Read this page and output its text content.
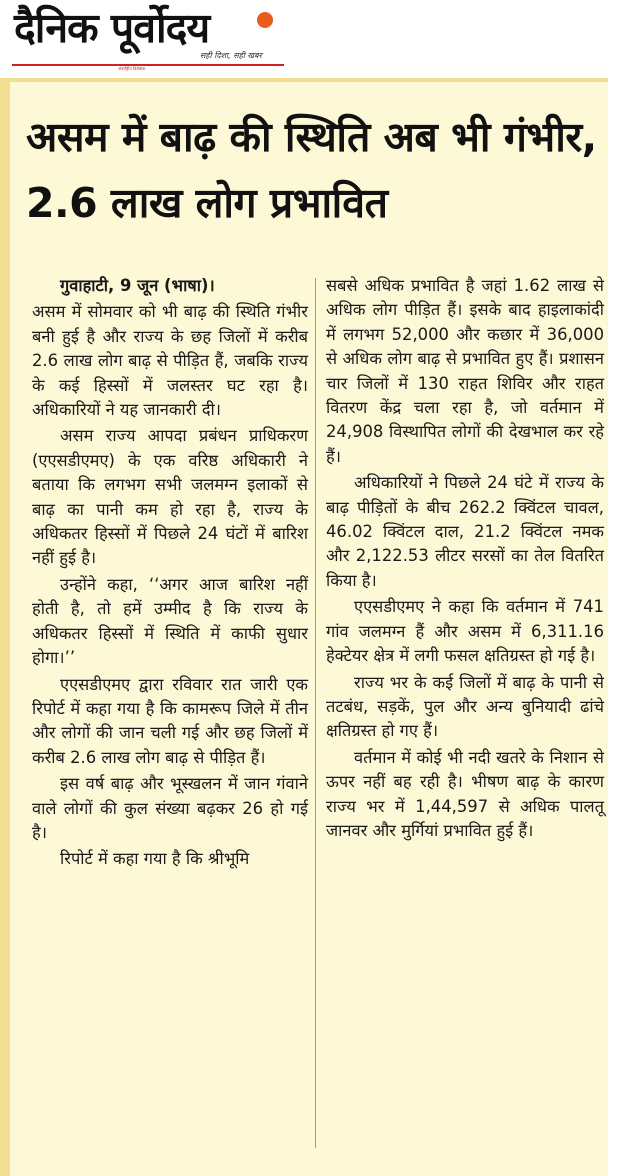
दैनिक पूर्वोदय
सही दिशा, सही खबर
अंतर्राष्ट्रीय विशेषांक
असम में बाढ़ की स्थिति अब भी गंभीर, 2.6 लाख लोग प्रभावित

गुवाहाटी, 9 जून (भाषा)।

असम में सोमवार को भी बाढ़ की स्थिति गंभीर बनी हुई है और राज्य के छह जिलों में करीब 2.6 लाख लोग बाढ़ से पीड़ित हैं, जबकि राज्य के कई हिस्सों में जलस्तर घट रहा है। अधिकारियों ने यह जानकारी दी।

असम राज्य आपदा प्रबंधन प्राधिकरण (एएसडीएमए) के एक वरिष्ठ अधिकारी ने बताया कि लगभग सभी जलमग्न इलाकों से बाढ़ का पानी कम हो रहा है, राज्य के अधिकतर हिस्सों में पिछले 24 घंटों में बारिश नहीं हुई है।

उन्होंने कहा, ‘‘अगर आज बारिश नहीं होती है, तो हमें उम्मीद है कि राज्य के अधिकतर हिस्सों में स्थिति में काफी सुधार होगा।’’

एएसडीएमए द्वारा रविवार रात जारी एक रिपोर्ट में कहा गया है कि कामरूप जिले में तीन और लोगों की जान चली गई और छह जिलों में करीब 2.6 लाख लोग बाढ़ से पीड़ित हैं।

इस वर्ष बाढ़ और भूस्खलन में जान गंवाने वाले लोगों की कुल संख्या बढ़कर 26 हो गई है।

रिपोर्ट में कहा गया है कि श्रीभूमि

सबसे अधिक प्रभावित है जहां 1.62 लाख से अधिक लोग पीड़ित हैं। इसके बाद हाइलाकांदी में लगभग 52,000 और कछार में 36,000 से अधिक लोग बाढ़ से प्रभावित हुए हैं। प्रशासन चार जिलों में 130 राहत शिविर और राहत वितरण केंद्र चला रहा है, जो वर्तमान में 24,908 विस्थापित लोगों की देखभाल कर रहे हैं।

अधिकारियों ने पिछले 24 घंटे में राज्य के बाढ़ पीड़ितों के बीच 262.2 क्विंटल चावल, 46.02 क्विंटल दाल, 21.2 क्विंटल नमक और 2,122.53 लीटर सरसों का तेल वितरित किया है।

एएसडीएमए ने कहा कि वर्तमान में 741 गांव जलमग्न हैं और असम में 6,311.16 हेक्टेयर क्षेत्र में लगी फसल क्षतिग्रस्त हो गई है।

राज्य भर के कई जिलों में बाढ़ के पानी से तटबंध, सड़कें, पुल और अन्य बुनियादी ढांचे क्षतिग्रस्त हो गए हैं।

वर्तमान में कोई भी नदी खतरे के निशान से ऊपर नहीं बह रही है। भीषण बाढ़ के कारण राज्य भर में 1,44,597 से अधिक पालतू जानवर और मुर्गियां प्रभावित हुई हैं।
